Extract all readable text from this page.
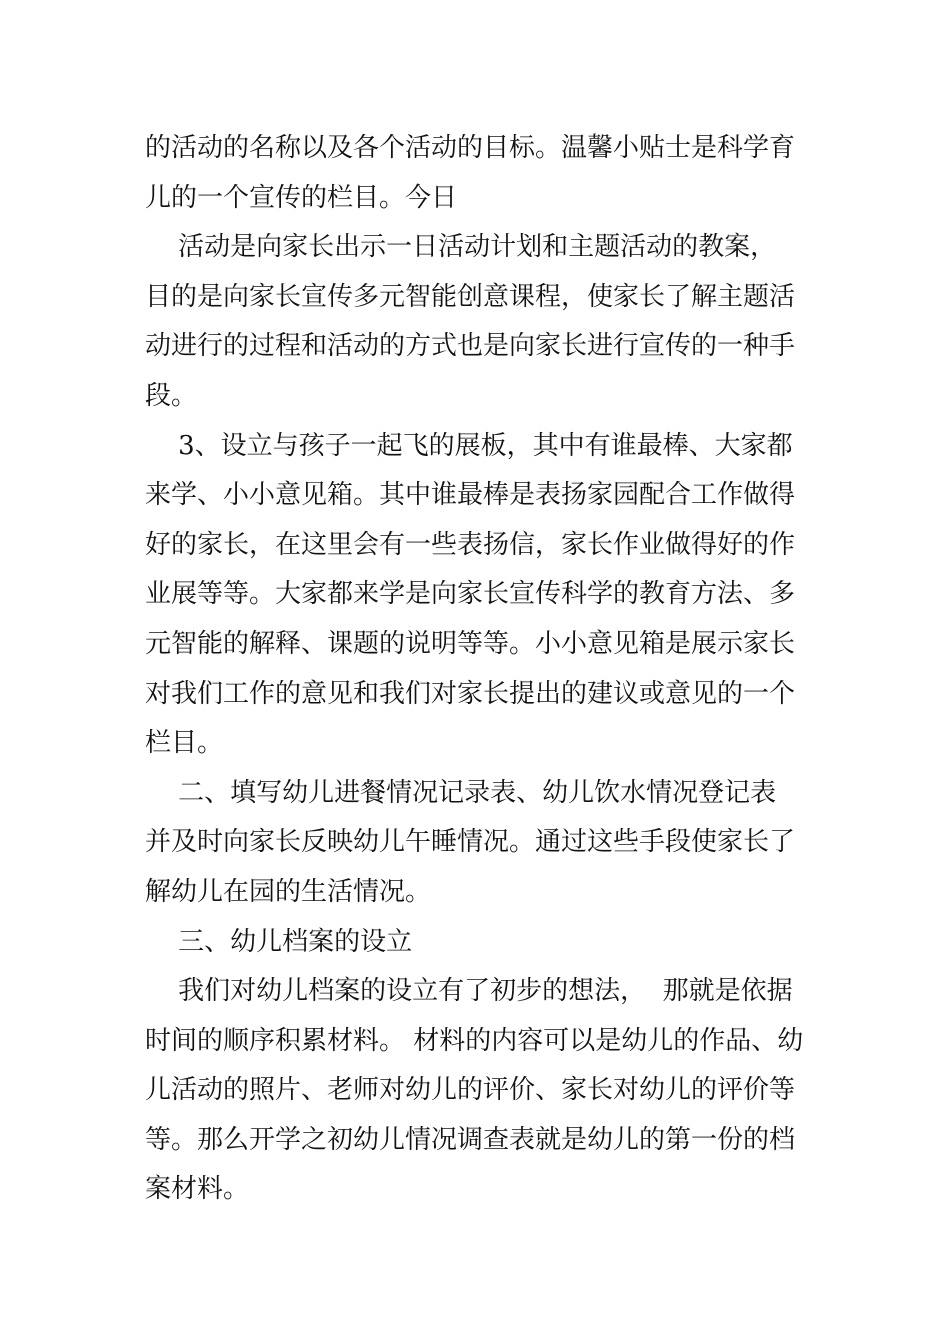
的活动的名称以及各个活动的目标。温馨小贴士是科学育
儿的一个宣传的栏目。今日
活动是向家长出示一日活动计划和主题活动的教案，
目的是向家长宣传多元智能创意课程，使家长了解主题活
动进行的过程和活动的方式也是向家长进行宣传的一种手
段。
3、设立与孩子一起飞的展板，其中有谁最棒、大家都
来学、小小意见箱。其中谁最棒是表扬家园配合工作做得
好的家长，在这里会有一些表扬信，家长作业做得好的作
业展等等。大家都来学是向家长宣传科学的教育方法、多
元智能的解释、课题的说明等等。小小意见箱是展示家长
对我们工作的意见和我们对家长提出的建议或意见的一个
栏目。
二、填写幼儿进餐情况记录表、幼儿饮水情况登记表
并及时向家长反映幼儿午睡情况。通过这些手段使家长了
解幼儿在园的生活情况。
三、幼儿档案的设立
我们对幼儿档案的设立有了初步的想法，  那就是依据
时间的顺序积累材料。 材料的内容可以是幼儿的作品、幼
儿活动的照片、老师对幼儿的评价、家长对幼儿的评价等
等。那么开学之初幼儿情况调查表就是幼儿的第一份的档
案材料。
